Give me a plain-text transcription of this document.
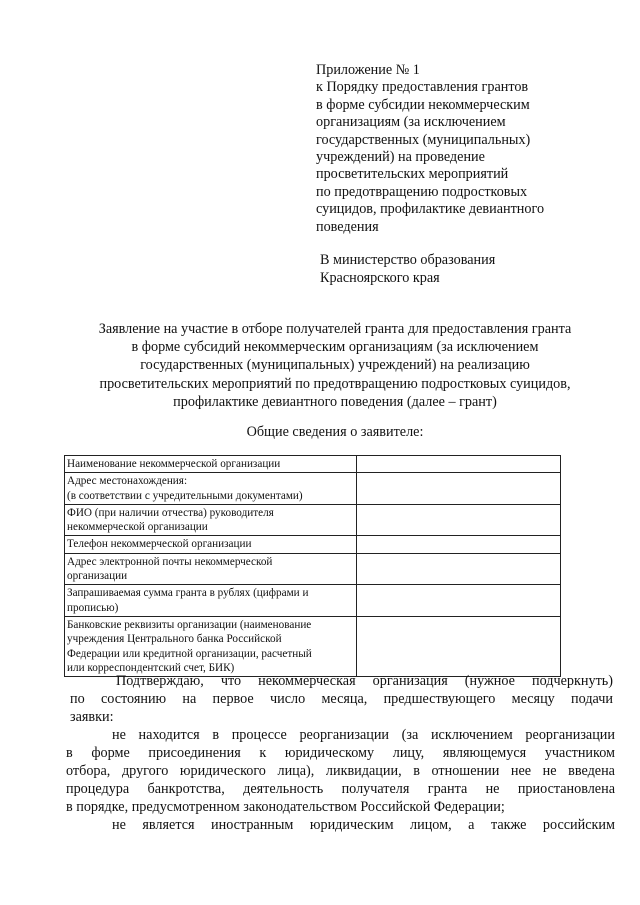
Приложение № 1
к Порядку предоставления грантов
в форме субсидии некоммерческим
организациям (за исключением
государственных (муниципальных)
учреждений) на проведение
просветительских мероприятий
по предотвращению подростковых
суицидов, профилактике девиантного
поведения
В министерство образования
Красноярского края
Заявление на участие в отборе получателей гранта для предоставления гранта
в форме субсидий некоммерческим организациям (за исключением
государственных (муниципальных) учреждений) на реализацию
просветительских мероприятий по предотвращению подростковых суицидов,
профилактике девиантного поведения (далее – грант)
Общие сведения о заявителе:
Наименование некоммерческой организации	

Адрес местонахождения:
(в соответствии с учредительными документами)	

ФИО (при наличии отчества) руководителя
некоммерческой организации	

Телефон некоммерческой организации	

Адрес электронной почты некоммерческой
организации	

Запрашиваемая сумма гранта в рублях (цифрами и
прописью)	

Банковские реквизиты организации (наименование
учреждения Центрального банка Российской
Федерации или кредитной организации, расчетный
или корреспондентский счет, БИК)	

Подтверждаю, что некоммерческая организация (нужное подчеркнуть)
по состоянию на первое число месяца, предшествующего месяцу подачи
заявки:
не находится в процессе реорганизации (за исключением реорганизации
в форме присоединения к юридическому лицу, являющемуся участником
отбора, другого юридического лица), ликвидации, в отношении нее не введена
процедура банкротства, деятельность получателя гранта не приостановлена
в порядке, предусмотренном законодательством Российской Федерации;
не является иностранным юридическим лицом, а также российским
